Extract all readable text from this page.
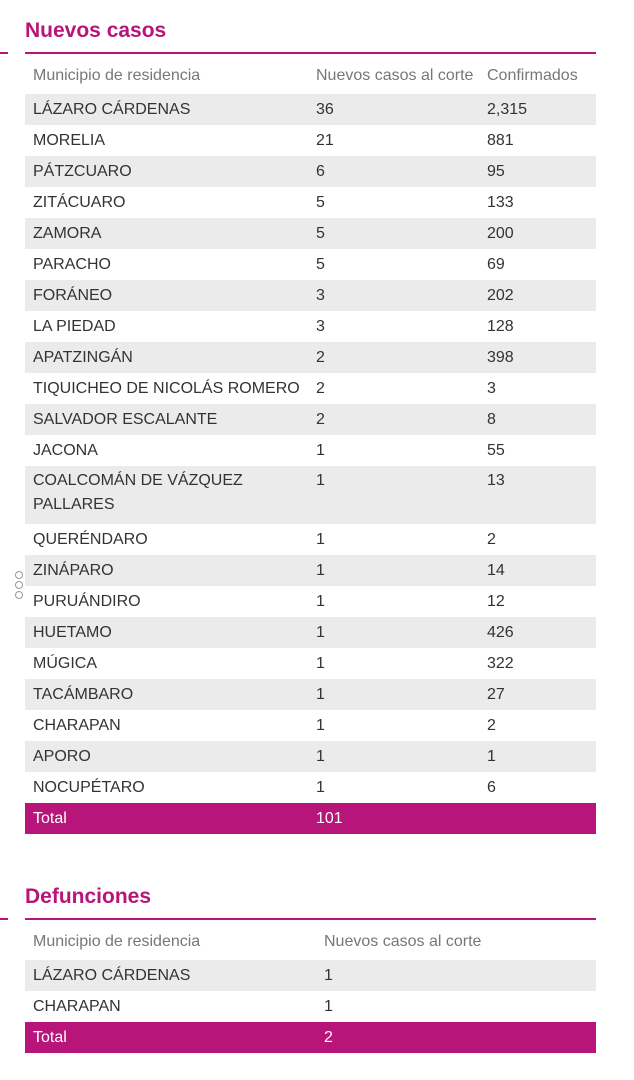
Nuevos casos
Municipio de residencia	Nuevos casos al corte	Confirmados
LÁZARO CÁRDENAS	36	2,315
MORELIA	21	881
PÁTZCUARO	6	95
ZITÁCUARO	5	133
ZAMORA	5	200
PARACHO	5	69
FORÁNEO	3	202
LA PIEDAD	3	128
APATZINGÁN	2	398
TIQUICHEO DE NICOLÁS ROMERO	2	3
SALVADOR ESCALANTE	2	8
JACONA	1	55
COALCOMÁN DE VÁZQUEZ PALLARES	1	13
QUERÉNDARO	1	2
ZINÁPARO	1	14
PURUÁNDIRO	1	12
HUETAMO	1	426
MÚGICA	1	322
TACÁMBARO	1	27
CHARAPAN	1	2
APORO	1	1
NOCUPÉTARO	1	6
Total	101	
Defunciones
Municipio de residencia	Nuevos casos al corte
LÁZARO CÁRDENAS	1
CHARAPAN	1
Total	2
